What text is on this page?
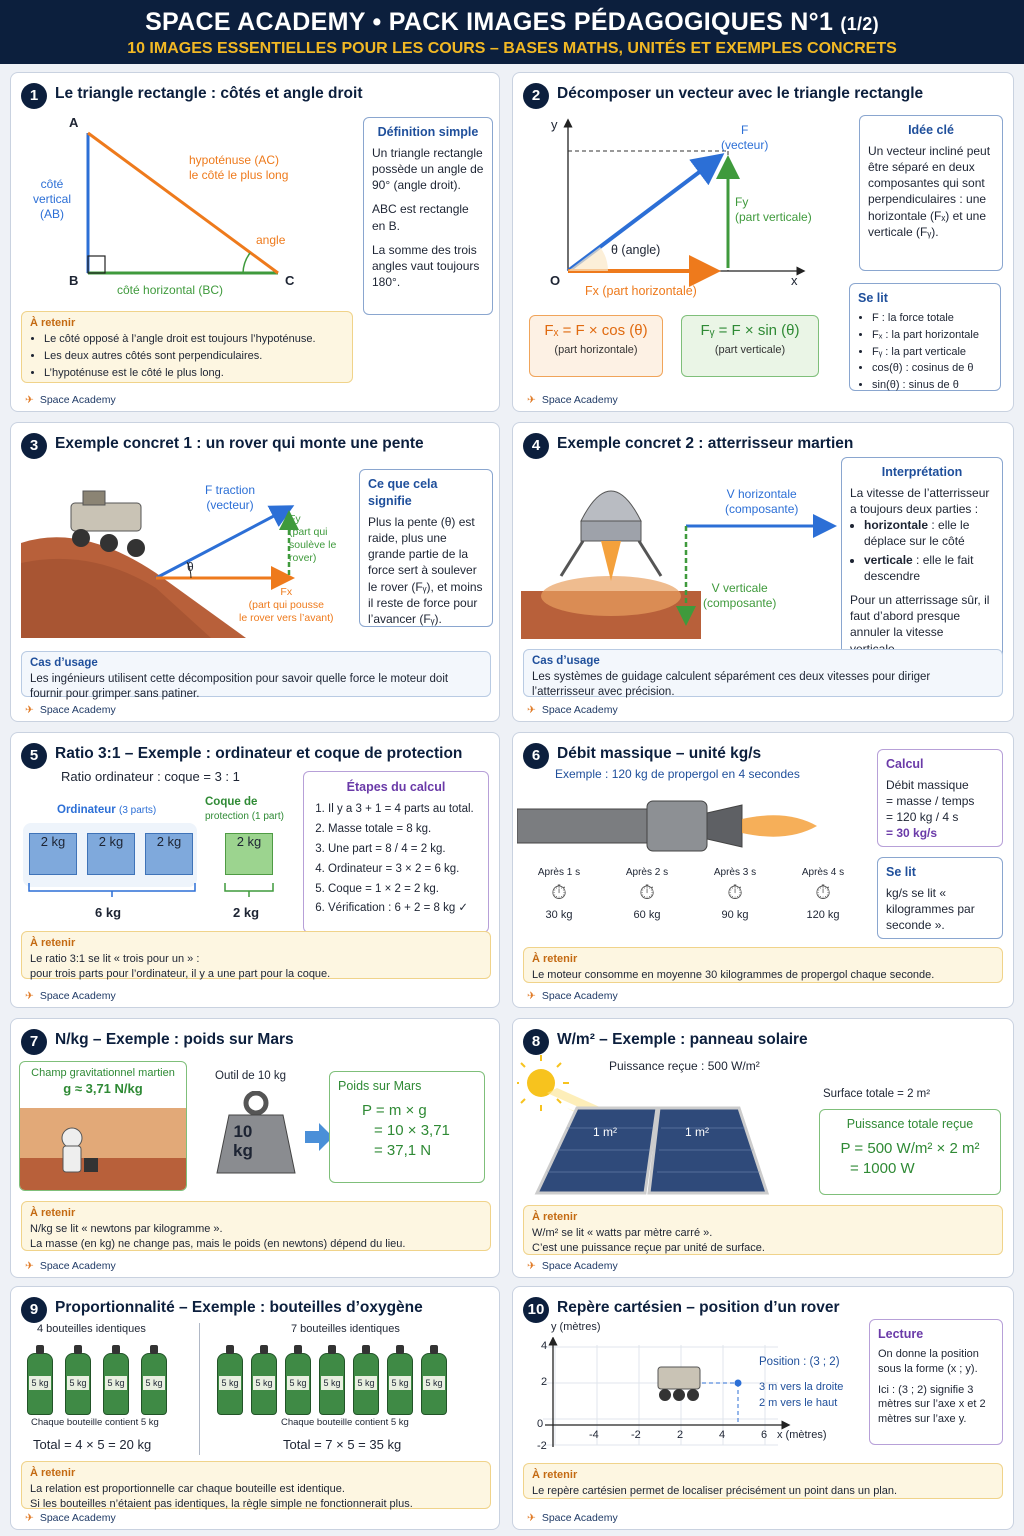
SPACE ACADEMY • PACK IMAGES PÉDAGOGIQUES N°1 (1/2)
10 IMAGES ESSENTIELLES POUR LES COURS – BASES MATHS, UNITÉS ET EXEMPLES CONCRETS
1	Le triangle rectangle : côtés et angle droit
A
B	C
côté
vertical
(AB)
hypoténuse (AC)
le côté le plus long
angle
côté horizontal (BC)
Définition simple
Un triangle rectangle possède un angle de 90° (angle droit).
ABC est rectangle en B.
La somme des trois angles vaut toujours 180°.
À retenir
• Le côté opposé à l’angle droit est toujours l’hypoténuse.
• Les deux autres côtés sont perpendiculaires.
• L’hypoténuse est le côté le plus long.
✈ Space Academy
2	Décomposer un vecteur avec le triangle rectangle
y
x
O
F
(vecteur)
Fy
(part verticale)
θ (angle)
Fx (part horizontale)
Idée clé
Un vecteur incliné peut être séparé en deux composantes qui sont perpendiculaires : une horizontale (Fₓ) et une verticale (Fᵧ).
Fₓ = F × cos (θ)
(part horizontale)
Fᵧ = F × sin (θ)
(part verticale)
Se lit
• F : la force totale
• Fₓ : la part horizontale
• Fᵧ : la part verticale
• cos(θ) : cosinus de θ
• sin(θ) : sinus de θ
✈ Space Academy
3	Exemple concret 1 : un rover qui monte une pente
F traction
(vecteur)
Fy
(part qui
soulève le
rover)
θ
Fx
(part qui pousse
le rover vers l’avant)
Ce que cela signifie
Plus la pente (θ) est raide, plus une grande partie de la force sert à soulever le rover (Fᵧ), et moins il reste de force pour l’avancer (Fᵧ).
Cas d’usage
Les ingénieurs utilisent cette décomposition pour savoir quelle force le moteur doit fournir pour grimper sans patiner.
✈ Space Academy
4	Exemple concret 2 : atterrisseur martien
V horizontale
(composante)
V verticale
(composante)
Interprétation
La vitesse de l’atterrisseur a toujours deux parties :
• horizontale : elle le déplace sur le côté
• verticale : elle le fait descendre
Pour un atterrissage sûr, il faut d’abord presque annuler la vitesse
Cas d’usage
Les systèmes de guidage calculent séparément ces deux vitesses pour diriger l’atterrisseur avec précision.
✈ Space Academy
5	Ratio 3:1 – Exemple : ordinateur et coque de protection
Ratio ordinateur : coque = 3 : 1
Ordinateur (3 parts)
Coque de
protection (1 part)
2 kg	2 kg	2 kg	2 kg
6 kg	2 kg
Étapes du calcul
1. Il y a 3 + 1 = 4 parts au total.
2. Masse totale = 8 kg.
3. Une part = 8 / 4 = 2 kg.
4. Ordinateur = 3 × 2 = 6 kg.
5. Coque = 1 × 2 = 2 kg.
6. Vérification : 6 + 2 = 8 kg ✓
À retenir
Le ratio 3:1 se lit « trois pour un » :
pour trois parts pour l’ordinateur, il y a une part pour la coque.
✈ Space Academy
6	Débit massique – unité kg/s
Exemple : 120 kg de propergol en 4 secondes
Après 1 s
⏱
30 kg
Après 2 s
⏱
60 kg
Après 3 s
⏱
90 kg
Après 4 s
⏱
120 kg
Calcul
Débit massique
= masse / temps
= 120 kg / 4 s
= 30 kg/s
Se lit
kg/s se lit « kilogrammes par seconde ».
À retenir
Le moteur consomme en moyenne 30 kilogrammes de propergol chaque seconde.
✈ Space Academy
7	N/kg – Exemple : poids sur Mars
Champ gravitationnel martien
g ≈ 3,71 N/kg
Outil de 10 kg
10
kg
Poids sur Mars
P = m × g
= 10 × 3,71
= 37,1 N
À retenir
N/kg se lit « newtons par kilogramme ».
La masse (en kg) ne change pas, mais le poids (en newtons) dépend du lieu.
✈ Space Academy
8	W/m² – Exemple : panneau solaire
Puissance reçue : 500 W/m²
1 m²	1 m²
Surface totale = 2 m²
Puissance totale reçue
P = 500 W/m² × 2 m²
= 1000 W
À retenir
W/m² se lit « watts par mètre carré ».
C’est une puissance reçue par unité de surface.
✈ Space Academy
9	Proportionnalité – Exemple : bouteilles d’oxygène
4 bouteilles identiques	7 bouteilles identiques
5 kg 5 kg 5 kg 5 kg	5 kg 5 kg 5 kg 5 kg 5 kg 5 kg 5 kg
Chaque bouteille contient 5 kg	Chaque bouteille contient 5 kg
Total = 4 × 5 = 20 kg	Total = 7 × 5 = 35 kg
À retenir
La relation est proportionnelle car chaque bouteille est identique.
Si les bouteilles n’étaient pas identiques, la règle simple ne fonctionnerait plus.
✈ Space Academy
10 Repère cartésien – position d’un rover
y (mètres)
4
2
0
-2
-4	-2	2	4	6 x (mètres)
Position : (3 ; 2)
3 m vers la droite
2 m vers le haut
Lecture
On donne la position sous la forme (x ; y).
Ici : (3 ; 2) signifie 3 mètres sur l’axe x et 2 mètres sur l’axe y.
À retenir
Le repère cartésien permet de localiser précisément un point dans un plan.
✈ Space Academy
